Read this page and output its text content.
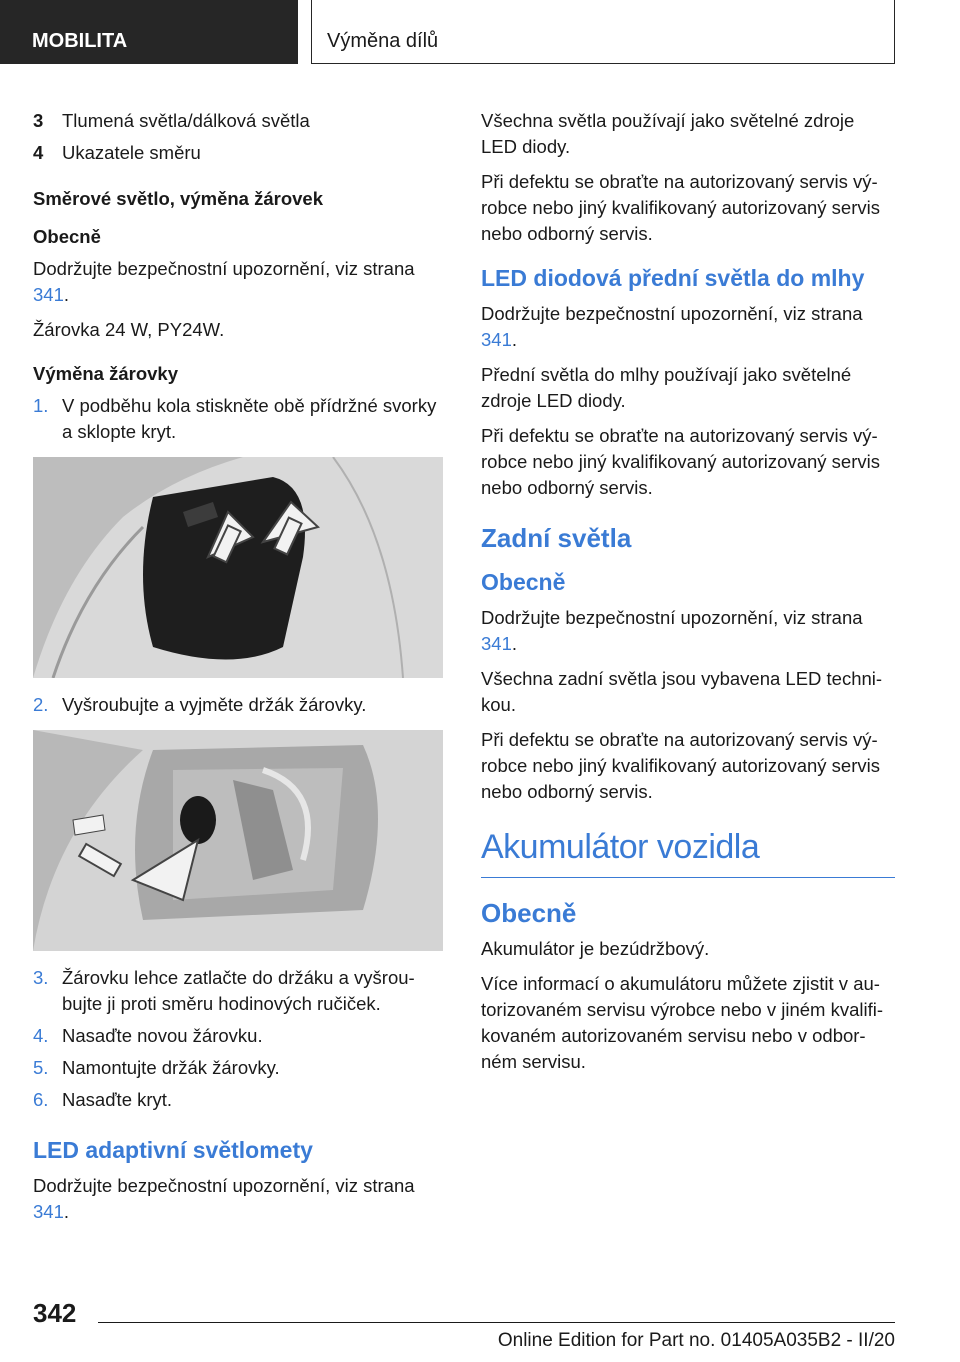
MOBILITA	Výměna dílů
3 Tlumená světla/dálková světla
4 Ukazatele směru
Směrové světlo, výměna žárovek
Obecně

Dodržujte bezpečnostní upozornění, viz strana 341.

Žárovka 24 W, PY24W.

Výměna žárovky
1. V podběhu kola stiskněte obě přídržné svorky a sklopte kryt.
2. Vyšroubujte a vyjměte držák žárovky.
3. Žárovku lehce zatlačte do držáku a vyšrou-bujte ji proti směru hodinových ručiček.
4. Nasaďte novou žárovku.
5. Namontujte držák žárovky.
6. Nasaďte kryt.
LED adaptivní světlomety

Dodržujte bezpečnostní upozornění, viz strana 341.

Všechna světla používají jako světelné zdroje LED diody.

Při defektu se obraťte na autorizovaný servis vý-robce nebo jiný kvalifikovaný autorizovaný servis nebo odborný servis.

LED diodová přední světla do mlhy

Dodržujte bezpečnostní upozornění, viz strana 341.

Přední světla do mlhy používají jako světelné zdroje LED diody.

Při defektu se obraťte na autorizovaný servis vý-robce nebo jiný kvalifikovaný autorizovaný servis nebo odborný servis.

Zadní světla
Obecně

Dodržujte bezpečnostní upozornění, viz strana 341.

Všechna zadní světla jsou vybavena LED techni-kou.

Při defektu se obraťte na autorizovaný servis vý-robce nebo jiný kvalifikovaný autorizovaný servis nebo odborný servis.

Akumulátor vozidla
Obecně

Akumulátor je bezúdržbový.

Více informací o akumulátoru můžete zjistit v au-torizovaném servisu výrobce nebo v jiném kvalifi-kovaném autorizovaném servisu nebo v odbor-ném servisu.

342
Online Edition for Part no. 01405A035B2 - II/20
